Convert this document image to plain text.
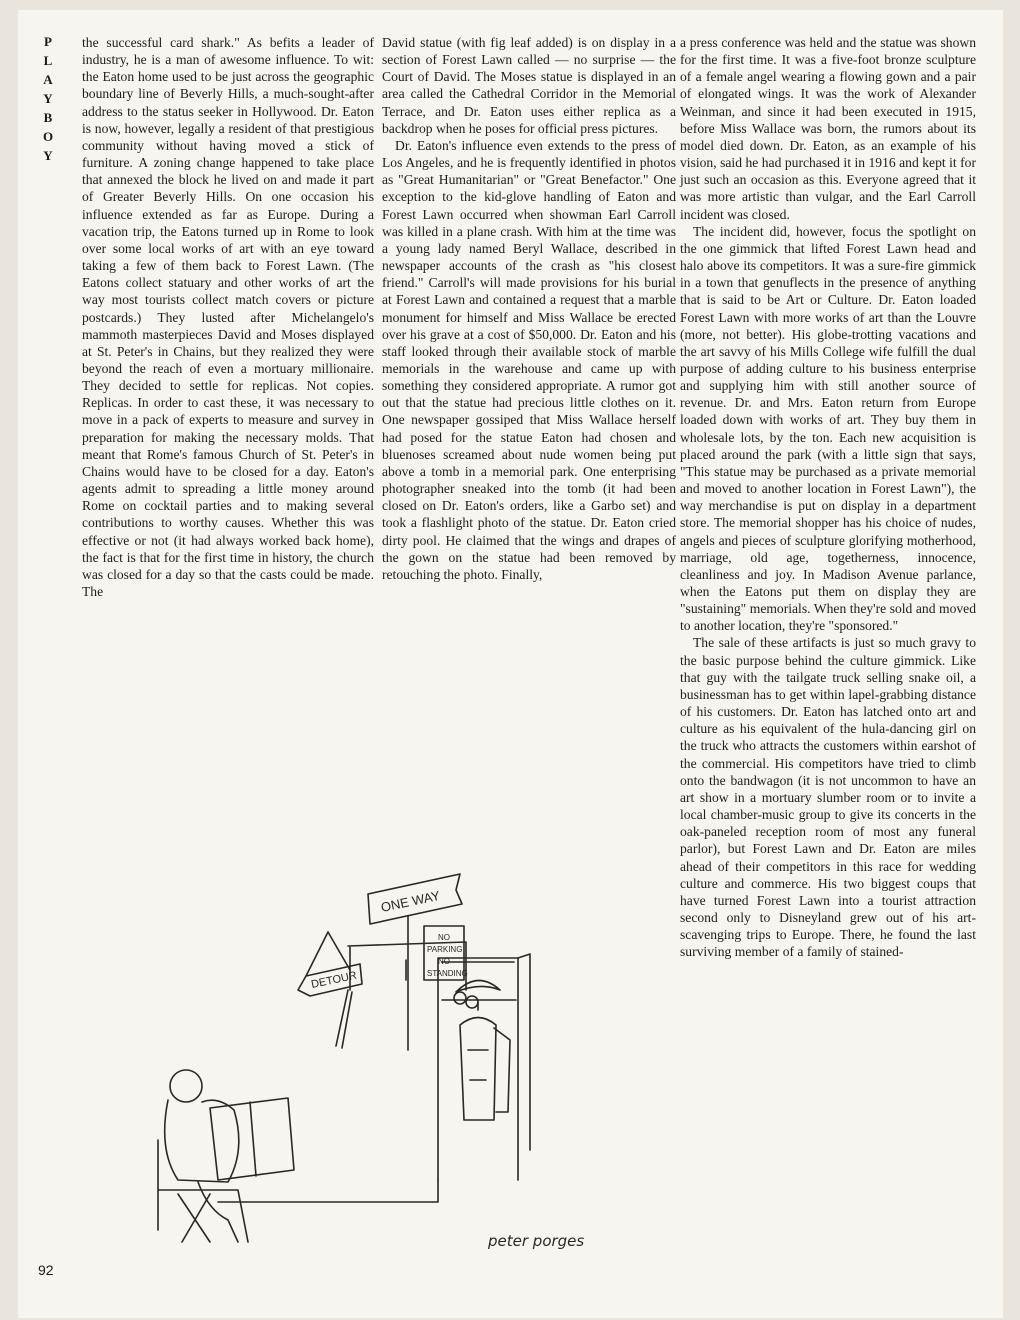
P
L
A
Y
B
O
Y

the successful card shark." As befits a leader of industry, he is a man of awesome influence. To wit: the Eaton home used to be just across the geographic boundary line of Beverly Hills, a much-sought-after address to the status seeker in Hollywood. Dr. Eaton is now, however, legally a resident of that prestigious community without having moved a stick of furniture. A zoning change happened to take place that annexed the block he lived on and made it part of Greater Beverly Hills. On one occasion his influence extended as far as Europe. During a vacation trip, the Eatons turned up in Rome to look over some local works of art with an eye toward taking a few of them back to Forest Lawn. (The Eatons collect statuary and other works of art the way most tourists collect match covers or picture postcards.) They lusted after Michelangelo's mammoth masterpieces David and Moses displayed at St. Peter's in Chains, but they realized they were beyond the reach of even a mortuary millionaire. They decided to settle for replicas. Not copies. Replicas. In order to cast these, it was necessary to move in a pack of experts to measure and survey in preparation for making the necessary molds. That meant that Rome's famous Church of St. Peter's in Chains would have to be closed for a day. Eaton's agents admit to spreading a little money around Rome on cocktail parties and to making several contributions to worthy causes. Whether this was effective or not (it had always worked back home), the fact is that for the first time in history, the church was closed for a day so that the casts could be made. The

David statue (with fig leaf added) is on display in a section of Forest Lawn called — no surprise — the Court of David. The Moses statue is displayed in an area called the Cathedral Corridor in the Memorial Terrace, and Dr. Eaton uses either replica as a backdrop when he poses for official press pictures.

Dr. Eaton's influence even extends to the press of Los Angeles, and he is frequently identified in photos as "Great Humanitarian" or "Great Benefactor." One exception to the kid-glove handling of Eaton and Forest Lawn occurred when showman Earl Carroll was killed in a plane crash. With him at the time was a young lady named Beryl Wallace, described in newspaper accounts of the crash as "his closest friend." Carroll's will made provisions for his burial at Forest Lawn and contained a request that a marble monument for himself and Miss Wallace be erected over his grave at a cost of $50,000. Dr. Eaton and his staff looked through their available stock of marble memorials in the warehouse and came up with something they considered appropriate. A rumor got out that the statue had precious little clothes on it. One newspaper gossiped that Miss Wallace herself had posed for the statue Eaton had chosen and bluenoses screamed about nude women being put above a tomb in a memorial park. One enterprising photographer sneaked into the tomb (it had been closed on Dr. Eaton's orders, like a Garbo set) and took a flashlight photo of the statue. Dr. Eaton cried dirty pool. He claimed that the wings and drapes of the gown on the statue had been removed by retouching the photo. Finally,

a press conference was held and the statue was shown for the first time. It was a five-foot bronze sculpture of a female angel wearing a flowing gown and a pair of elongated wings. It was the work of Alexander Weinman, and since it had been executed in 1915, before Miss Wallace was born, the rumors about its model died down. Dr. Eaton, as an example of his vision, said he had purchased it in 1916 and kept it for just such an occasion as this. Everyone agreed that it was more artistic than vulgar, and the Earl Carroll incident was closed.

The incident did, however, focus the spotlight on the one gimmick that lifted Forest Lawn head and halo above its competitors. It was a sure-fire gimmick in a town that genuflects in the presence of anything that is said to be Art or Culture. Dr. Eaton loaded Forest Lawn with more works of art than the Louvre (more, not better). His globe-trotting vacations and the art savvy of his Mills College wife fulfill the dual purpose of adding culture to his business enterprise and supplying him with still another source of revenue. Dr. and Mrs. Eaton return from Europe loaded down with works of art. They buy them in wholesale lots, by the ton. Each new acquisition is placed around the park (with a little sign that says, "This statue may be purchased as a private memorial and moved to another location in Forest Lawn"), the way merchandise is put on display in a department store. The memorial shopper has his choice of nudes, angels and pieces of sculpture glorifying motherhood, marriage, old age, togetherness, innocence, cleanliness and joy. In Madison Avenue parlance, when the Eatons put them on display they are "sustaining" memorials. When they're sold and moved to another location, they're "sponsored."

The sale of these artifacts is just so much gravy to the basic purpose behind the culture gimmick. Like that guy with the tailgate truck selling snake oil, a businessman has to get within lapel-grabbing distance of his customers. Dr. Eaton has latched onto art and culture as his equivalent of the hula-dancing girl on the truck who attracts the customers within earshot of the commercial. His competitors have tried to climb onto the bandwagon (it is not uncommon to have an art show in a mortuary slumber room or to invite a local chamber-music group to give its concerts in the oak-paneled reception room of most any funeral parlor), but Forest Lawn and Dr. Eaton are miles ahead of their competitors in this race for wedding culture and commerce. His two biggest coups that have turned Forest Lawn into a tourist attraction second only to Disneyland grew out of his art-scavenging trips to Europe. There, he found the last surviving member of a family of stained-

ONE WAY
DETOUR
NO
PARKING
NO
STANDING
peter porges
92
